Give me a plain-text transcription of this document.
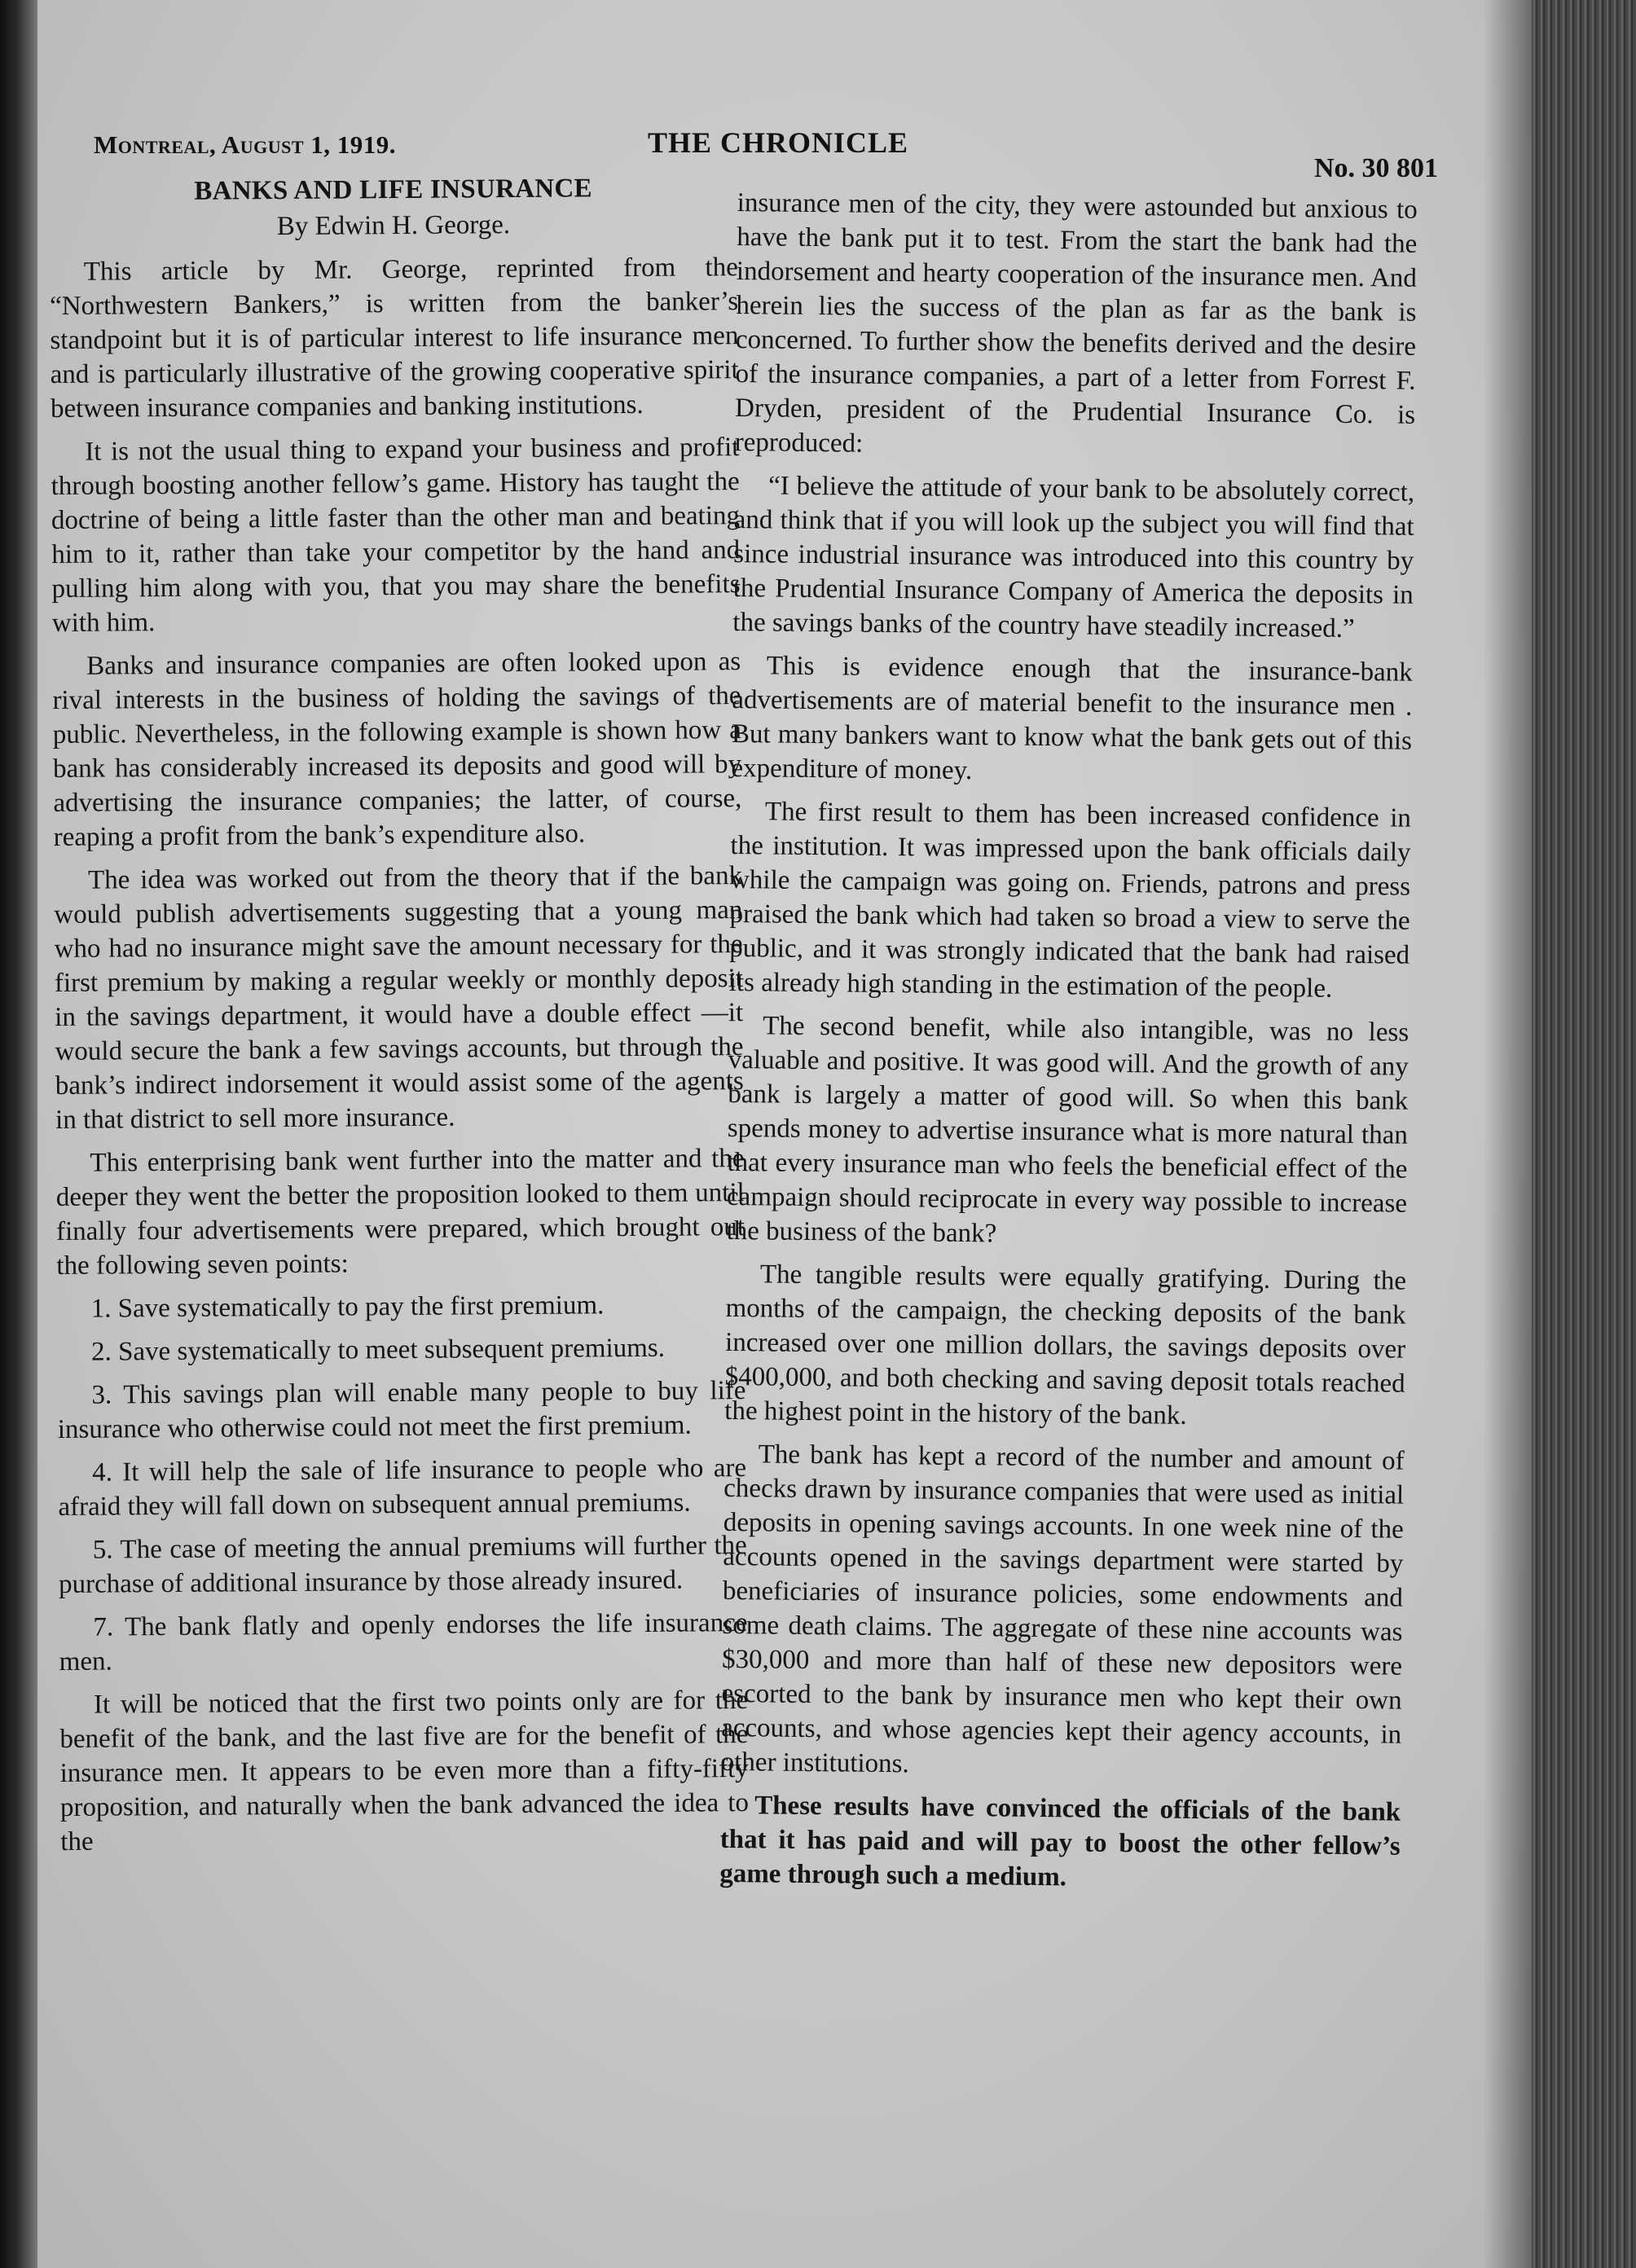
Montreal, August 1, 1919.	THE CHRONICLE
No. 30 801
BANKS AND LIFE INSURANCE
By Edwin H. George.

This article by Mr. George, reprinted from the “Northwestern Bankers,” is written from the banker’s standpoint but it is of particular interest to life insurance men and is particularly illustrative of the growing cooperative spirit between insurance companies and banking institutions.

It is not the usual thing to expand your business and profit through boosting another fellow’s game. History has taught the doctrine of being a little faster than the other man and beating him to it, rather than take your competitor by the hand and pulling him along with you, that you may share the benefits with him.

Banks and insurance companies are often looked upon as rival interests in the business of holding the savings of the public. Nevertheless, in the following example is shown how a bank has considerably increased its deposits and good will by advertising the insurance companies; the latter, of course, reaping a profit from the bank’s expenditure also.

The idea was worked out from the theory that if the bank would publish advertisements suggesting that a young man who had no insurance might save the amount necessary for the first premium by making a regular weekly or monthly deposit in the savings department, it would have a double effect —it would secure the bank a few savings accounts, but through the bank’s indirect indorsement it would assist some of the agents in that district to sell more insurance.

This enterprising bank went further into the matter and the deeper they went the better the proposition looked to them until finally four advertisements were prepared, which brought out the following seven points:

1. Save systematically to pay the first premium.

2. Save systematically to meet subsequent premiums.

3. This savings plan will enable many people to buy life insurance who otherwise could not meet the first premium.

4. It will help the sale of life insurance to people who are afraid they will fall down on subsequent annual premiums.

5. The case of meeting the annual premiums will further the purchase of additional insurance by those already insured.

7. The bank flatly and openly endorses the life insurance men.

It will be noticed that the first two points only are for the benefit of the bank, and the last five are for the benefit of the insurance men. It appears to be even more than a fifty-fifty proposition, and naturally when the bank advanced the idea to the

insurance men of the city, they were astounded but anxious to have the bank put it to test. From the start the bank had the indorsement and hearty cooperation of the insurance men. And herein lies the success of the plan as far as the bank is concerned. To further show the benefits derived and the desire of the insurance companies, a part of a letter from Forrest F. Dryden, president of the Prudential Insurance Co. is reproduced:

“I believe the attitude of your bank to be absolutely correct, and think that if you will look up the subject you will find that since industrial insurance was introduced into this country by the Prudential Insurance Company of America the deposits in the savings banks of the country have steadily increased.”

This is evidence enough that the insurance-bank advertisements are of material benefit to the insurance men . But many bankers want to know what the bank gets out of this expenditure of money.

The first result to them has been increased confidence in the institution. It was impressed upon the bank officials daily while the campaign was going on. Friends, patrons and press praised the bank which had taken so broad a view to serve the public, and it was strongly indicated that the bank had raised its already high standing in the estimation of the people.

The second benefit, while also intangible, was no less valuable and positive. It was good will. And the growth of any bank is largely a matter of good will. So when this bank spends money to advertise insurance what is more natural than that every insurance man who feels the beneficial effect of the campaign should reciprocate in every way possible to increase the business of the bank?

The tangible results were equally gratifying. During the months of the campaign, the checking deposits of the bank increased over one million dollars, the savings deposits over $400,000, and both checking and saving deposit totals reached the highest point in the history of the bank.

The bank has kept a record of the number and amount of checks drawn by insurance companies that were used as initial deposits in opening savings accounts. In one week nine of the accounts opened in the savings department were started by beneficiaries of insurance policies, some endowments and some death claims. The aggregate of these nine accounts was $30,000 and more than half of these new depositors were escorted to the bank by insurance men who kept their own accounts, and whose agencies kept their agency accounts, in other institutions.

These results have convinced the officials of the bank that it has paid and will pay to boost the other fellow’s game through such a medium.
